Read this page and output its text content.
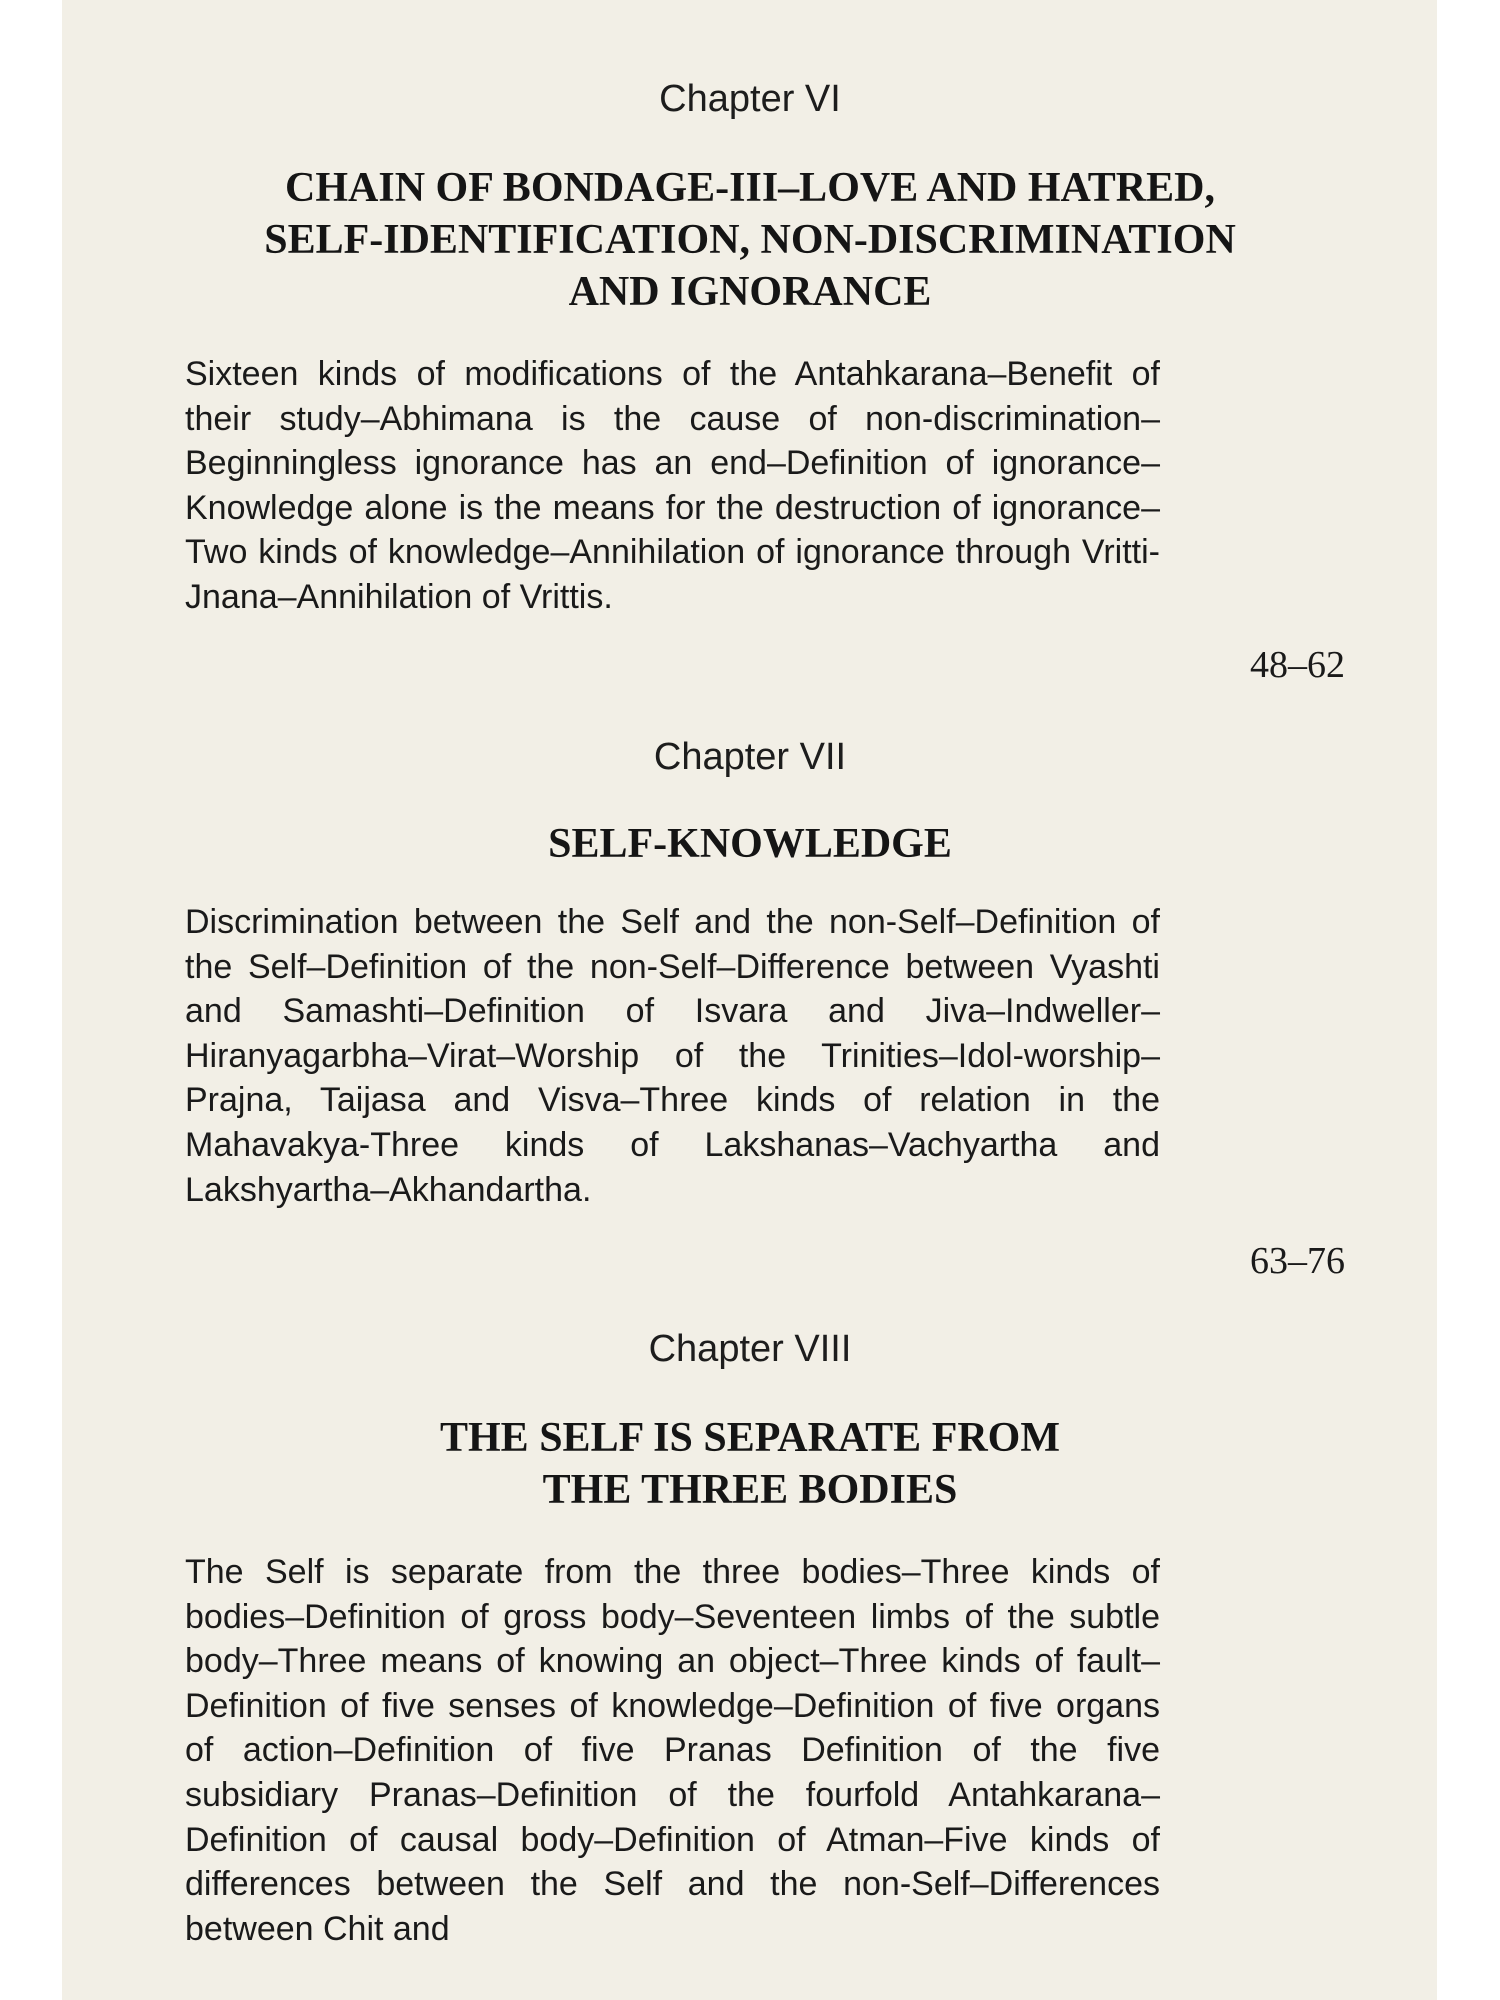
Chapter VI

CHAIN OF BONDAGE-III–LOVE AND HATRED,
SELF-IDENTIFICATION, NON-DISCRIMINATION
AND IGNORANCE

Sixteen kinds of modifications of the Antahkarana–Benefit of their study–Abhimana is the cause of non-discrimination–Beginningless ignorance has an end–Definition of ignorance–Knowledge alone is the means for the destruction of ignorance–Two kinds of knowledge–Annihilation of ignorance through Vritti- Jnana–Annihilation of Vrittis.

48–62

Chapter VII

SELF-KNOWLEDGE

Discrimination between the Self and the non-Self–Definition of the Self–Definition of the non-Self–Difference between Vyashti and Samashti–Definition of Isvara and Jiva–Indweller–Hiranyagarbha–Virat–Worship of the Trinities–Idol-worship–Prajna, Taijasa and Visva–Three kinds of relation in the Mahavakya-Three kinds of Lakshanas–Vachyartha and Lakshyartha–Akhandartha.

63–76

Chapter VIII

THE SELF IS SEPARATE FROM
THE THREE BODIES

The Self is separate from the three bodies–Three kinds of bodies–Definition of gross body–Seventeen limbs of the subtle body–Three means of knowing an object–Three kinds of fault–Definition of five senses of knowledge–Definition of five organs of action–Definition of five Pranas Definition of the five subsidiary Pranas–Definition of the fourfold Antahkarana–Definition of causal body–Definition of Atman–Five kinds of differences between the Self and the non-Self–Differences between Chit and
